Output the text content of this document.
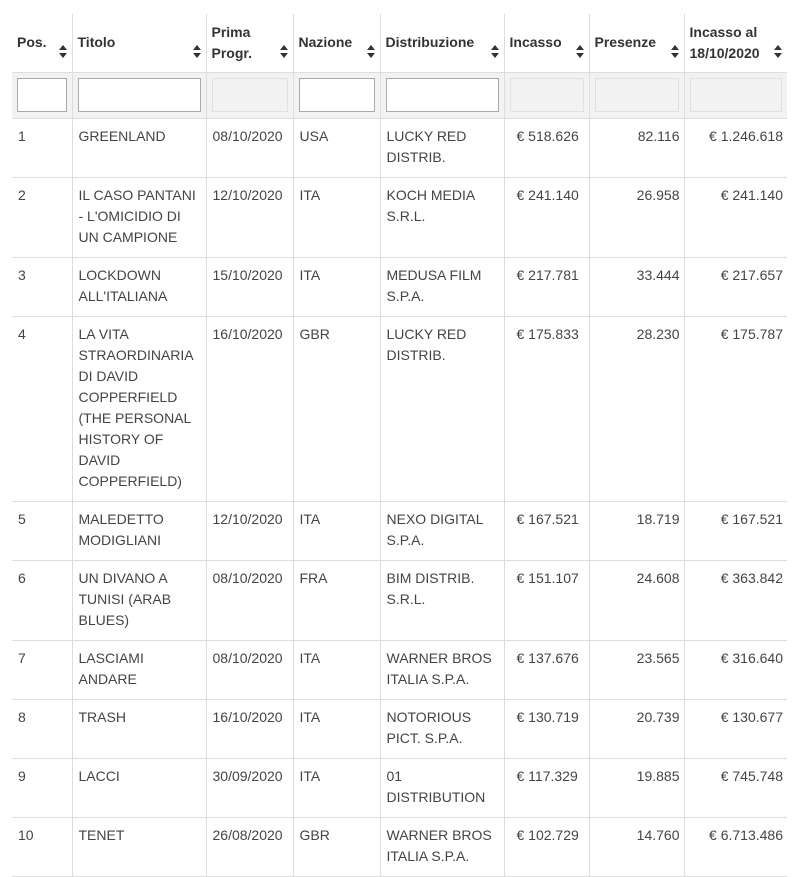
Pos.	Titolo	Prima Progr.	Nazione	Distribuzione	Incasso	Presenze	Incasso al 18/10/2020

1	GREENLAND	08/10/2020	USA	LUCKY RED DISTRIB.	€ 518.626	82.116	€ 1.246.618
2	IL CASO PANTANI - L'OMICIDIO DI UN CAMPIONE	12/10/2020	ITA	KOCH MEDIA S.R.L.	€ 241.140	26.958	€ 241.140
3	LOCKDOWN ALL'ITALIANA	15/10/2020	ITA	MEDUSA FILM S.P.A.	€ 217.781	33.444	€ 217.657
4	LA VITA STRAORDINARIA DI DAVID COPPERFIELD (THE PERSONAL HISTORY OF DAVID COPPERFIELD)	16/10/2020	GBR	LUCKY RED DISTRIB.	€ 175.833	28.230	€ 175.787
5	MALEDETTO MODIGLIANI	12/10/2020	ITA	NEXO DIGITAL S.P.A.	€ 167.521	18.719	€ 167.521
6	UN DIVANO A TUNISI (ARAB BLUES)	08/10/2020	FRA	BIM DISTRIB. S.R.L.	€ 151.107	24.608	€ 363.842
7	LASCIAMI ANDARE	08/10/2020	ITA	WARNER BROS ITALIA S.P.A.	€ 137.676	23.565	€ 316.640
8	TRASH	16/10/2020	ITA	NOTORIOUS PICT. S.P.A.	€ 130.719	20.739	€ 130.677
9	LACCI	30/09/2020	ITA	01 DISTRIBUTION	€ 117.329	19.885	€ 745.748
10	TENET	26/08/2020	GBR	WARNER BROS ITALIA S.P.A.	€ 102.729	14.760	€ 6.713.486
